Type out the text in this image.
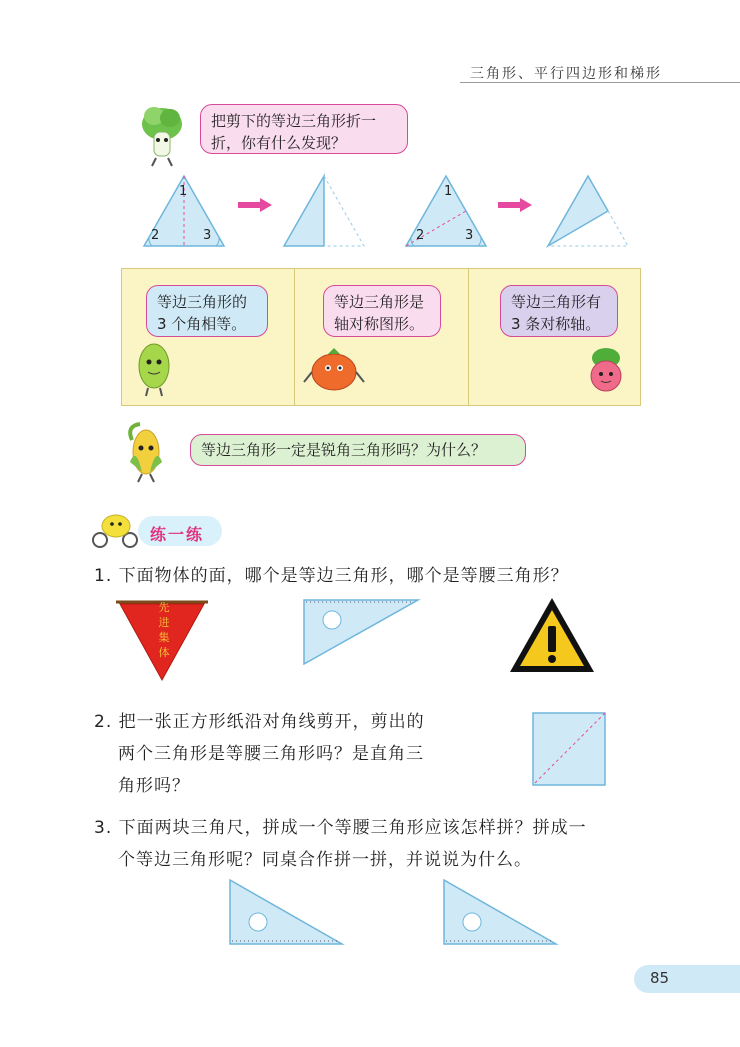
三角形、平行四边形和梯形
把剪下的等边三角形折一
折，你有什么发现？
1
2	3
1
2	3
等边三角形的
3 个角相等。
等边三角形是
轴对称图形。
等边三角形有
3 条对称轴。
等边三角形一定是锐角三角形吗？为什么？
练一练
1. 下面物体的面，哪个是等边三角形，哪个是等腰三角形？
先
进
集
体
2. 把一张正方形纸沿对角线剪开，剪出的
两个三角形是等腰三角形吗？是直角三
角形吗？
3. 下面两块三角尺，拼成一个等腰三角形应该怎样拼？拼成一
个等边三角形呢？同桌合作拼一拼，并说说为什么。
85
